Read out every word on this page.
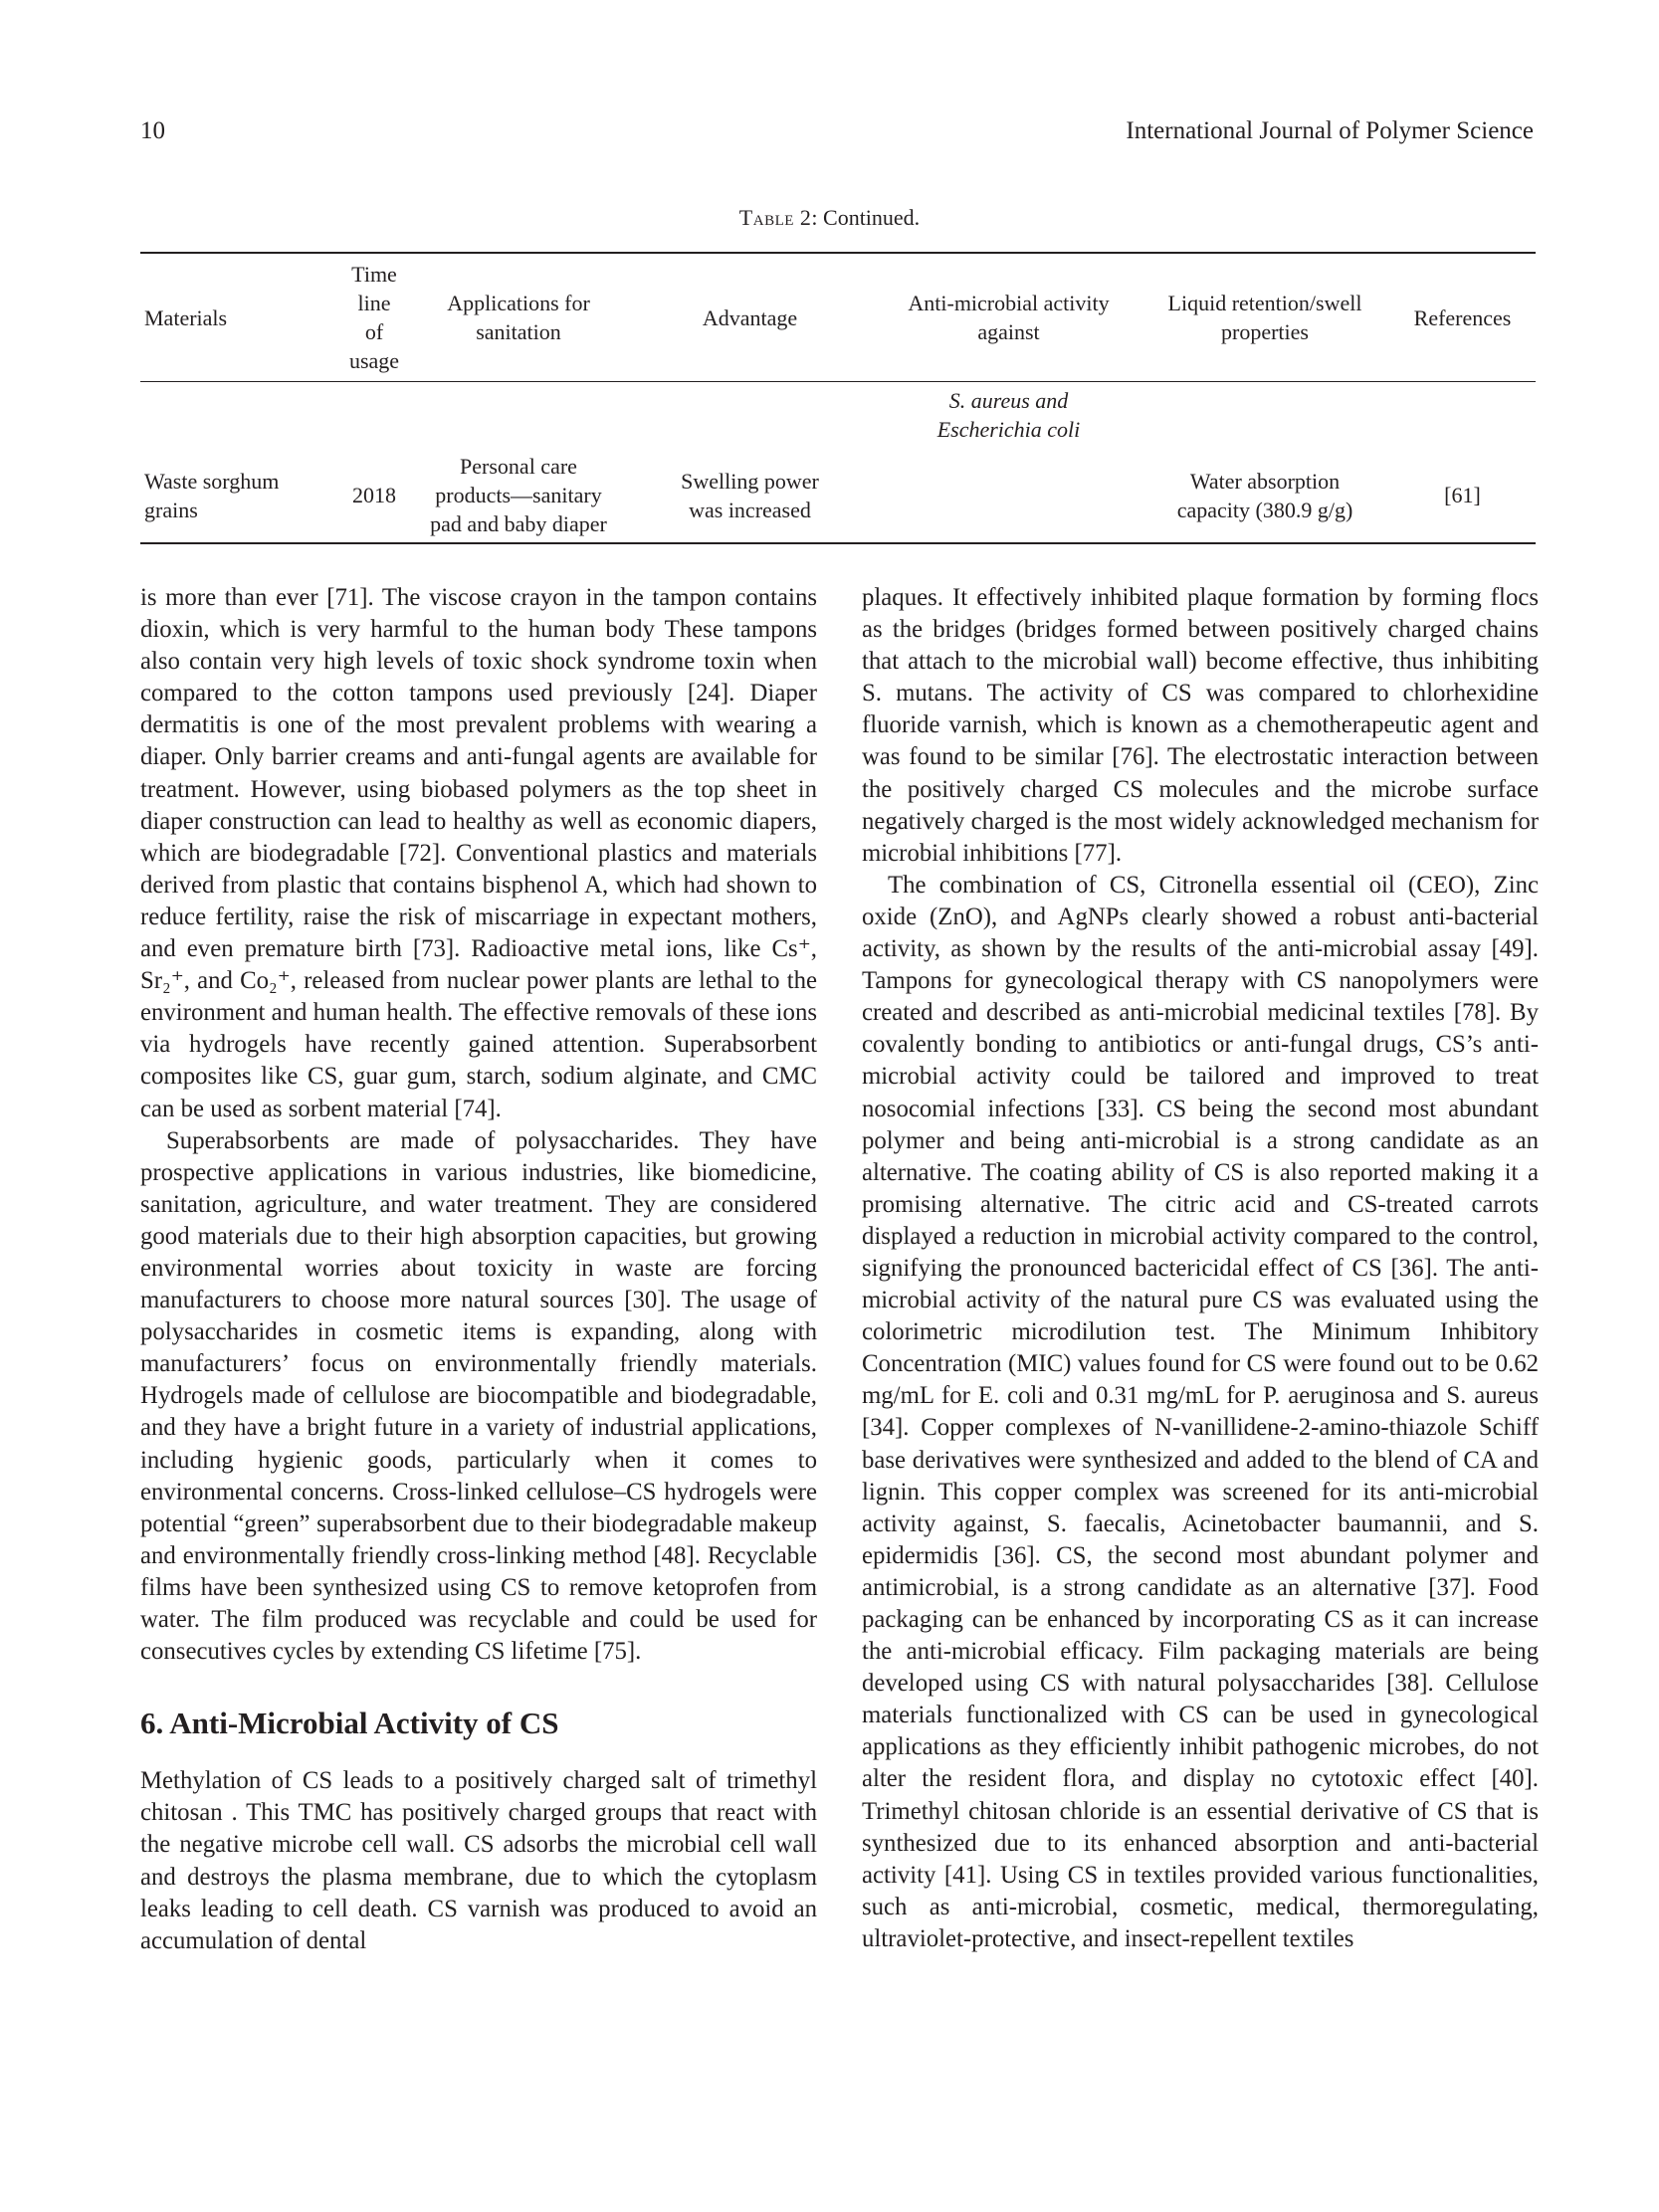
10	International Journal of Polymer Science
Table 2: Continued.
Materials	Time line of usage	Applications for sanitation	Advantage	Anti-microbial activity against	Liquid retention/swell properties	References
				S. aureus and Escherichia coli		
Waste sorghum grains	2018	Personal care products—sanitary pad and baby diaper	Swelling power was increased		Water absorption capacity (380.9 g/g)	[61]

is more than ever [71]. The viscose crayon in the tampon contains dioxin, which is very harmful to the human body These tampons also contain very high levels of toxic shock syndrome toxin when compared to the cotton tampons used previously [24]. Diaper dermatitis is one of the most prevalent problems with wearing a diaper. Only barrier creams and anti-fungal agents are available for treatment. However, using biobased polymers as the top sheet in diaper construction can lead to healthy as well as economic diapers, which are biodegradable [72]. Conventional plastics and materials derived from plastic that contains bisphenol A, which had shown to reduce fertility, raise the risk of miscarriage in expectant mothers, and even premature birth [73]. Radioactive metal ions, like Cs⁺, Sr₂⁺, and Co₂⁺, released from nuclear power plants are lethal to the environment and human health. The effective removals of these ions via hydrogels have recently gained attention. Superabsorbent composites like CS, guar gum, starch, sodium alginate, and CMC can be used as sorbent material [74].

Superabsorbents are made of polysaccharides. They have prospective applications in various industries, like biomedicine, sanitation, agriculture, and water treatment. They are considered good materials due to their high absorption capacities, but growing environmental worries about toxicity in waste are forcing manufacturers to choose more natural sources [30]. The usage of polysaccharides in cosmetic items is expanding, along with manufacturers’ focus on environmentally friendly materials. Hydrogels made of cellulose are biocompatible and biodegradable, and they have a bright future in a variety of industrial applications, including hygienic goods, particularly when it comes to environmental concerns. Cross-linked cellulose–CS hydrogels were potential “green” superabsorbent due to their biodegradable makeup and environmentally friendly cross-linking method [48]. Recyclable films have been synthesized using CS to remove ketoprofen from water. The film produced was recyclable and could be used for consecutives cycles by extending CS lifetime [75].

6. Anti-Microbial Activity of CS

Methylation of CS leads to a positively charged salt of trimethyl chitosan . This TMC has positively charged groups that react with the negative microbe cell wall. CS adsorbs the microbial cell wall and destroys the plasma membrane, due to which the cytoplasm leaks leading to cell death. CS varnish was produced to avoid an accumulation of dental

plaques. It effectively inhibited plaque formation by forming flocs as the bridges (bridges formed between positively charged chains that attach to the microbial wall) become effective, thus inhibiting S. mutans. The activity of CS was compared to chlorhexidine fluoride varnish, which is known as a chemotherapeutic agent and was found to be similar [76]. The electrostatic interaction between the positively charged CS molecules and the microbe surface negatively charged is the most widely acknowledged mechanism for microbial inhibitions [77].

The combination of CS, Citronella essential oil (CEO), Zinc oxide (ZnO), and AgNPs clearly showed a robust anti-bacterial activity, as shown by the results of the anti-microbial assay [49]. Tampons for gynecological therapy with CS nanopolymers were created and described as anti-microbial medicinal textiles [78]. By covalently bonding to antibiotics or anti-fungal drugs, CS’s anti-microbial activity could be tailored and improved to treat nosocomial infections [33]. CS being the second most abundant polymer and being anti-microbial is a strong candidate as an alternative. The coating ability of CS is also reported making it a promising alternative. The citric acid and CS-treated carrots displayed a reduction in microbial activity compared to the control, signifying the pronounced bactericidal effect of CS [36]. The anti-microbial activity of the natural pure CS was evaluated using the colorimetric microdilution test. The Minimum Inhibitory Concentration (MIC) values found for CS were found out to be 0.62 mg/mL for E. coli and 0.31 mg/mL for P. aeruginosa and S. aureus [34]. Copper complexes of N-vanillidene-2-amino-thiazole Schiff base derivatives were synthesized and added to the blend of CA and lignin. This copper complex was screened for its anti-microbial activity against, S. faecalis, Acinetobacter baumannii, and S. epidermidis [36]. CS, the second most abundant polymer and antimicrobial, is a strong candidate as an alternative [37]. Food packaging can be enhanced by incorporating CS as it can increase the anti-microbial efficacy. Film packaging materials are being developed using CS with natural polysaccharides [38]. Cellulose materials functionalized with CS can be used in gynecological applications as they efficiently inhibit pathogenic microbes, do not alter the resident flora, and display no cytotoxic effect [40]. Trimethyl chitosan chloride is an essential derivative of CS that is synthesized due to its enhanced absorption and anti-bacterial activity [41]. Using CS in textiles provided various functionalities, such as anti-microbial, cosmetic, medical, thermoregulating, ultraviolet-protective, and insect-repellent textiles
